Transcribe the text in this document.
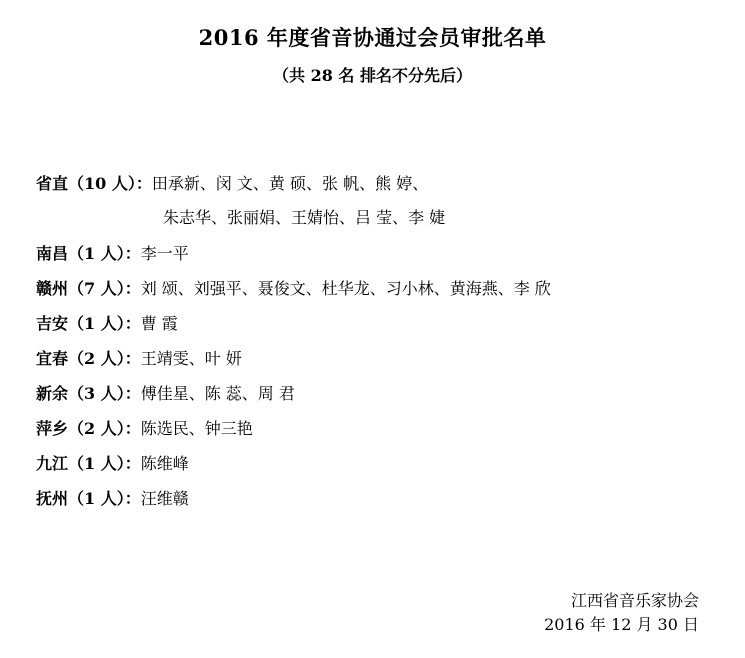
2016 年度省音协通过会员审批名单
（共 28 名 排名不分先后）
省直（10 人）：田承新、闵 文、黄 硕、张 帆、熊 婷、
朱志华、张丽娟、王婧怡、吕 莹、李 婕
南昌（1 人）：李一平
赣州（7 人）：刘 颂、刘强平、聂俊文、杜华龙、习小林、黄海燕、李 欣
吉安（1 人）：曹 霞
宜春（2 人）：王靖雯、叶 妍
新余（3 人）：傅佳星、陈 蕊、周 君
萍乡（2 人）：陈选民、钟三艳
九江（1 人）：陈维峰
抚州（1 人）：汪维赣
江西省音乐家协会
2016 年 12 月 30 日
